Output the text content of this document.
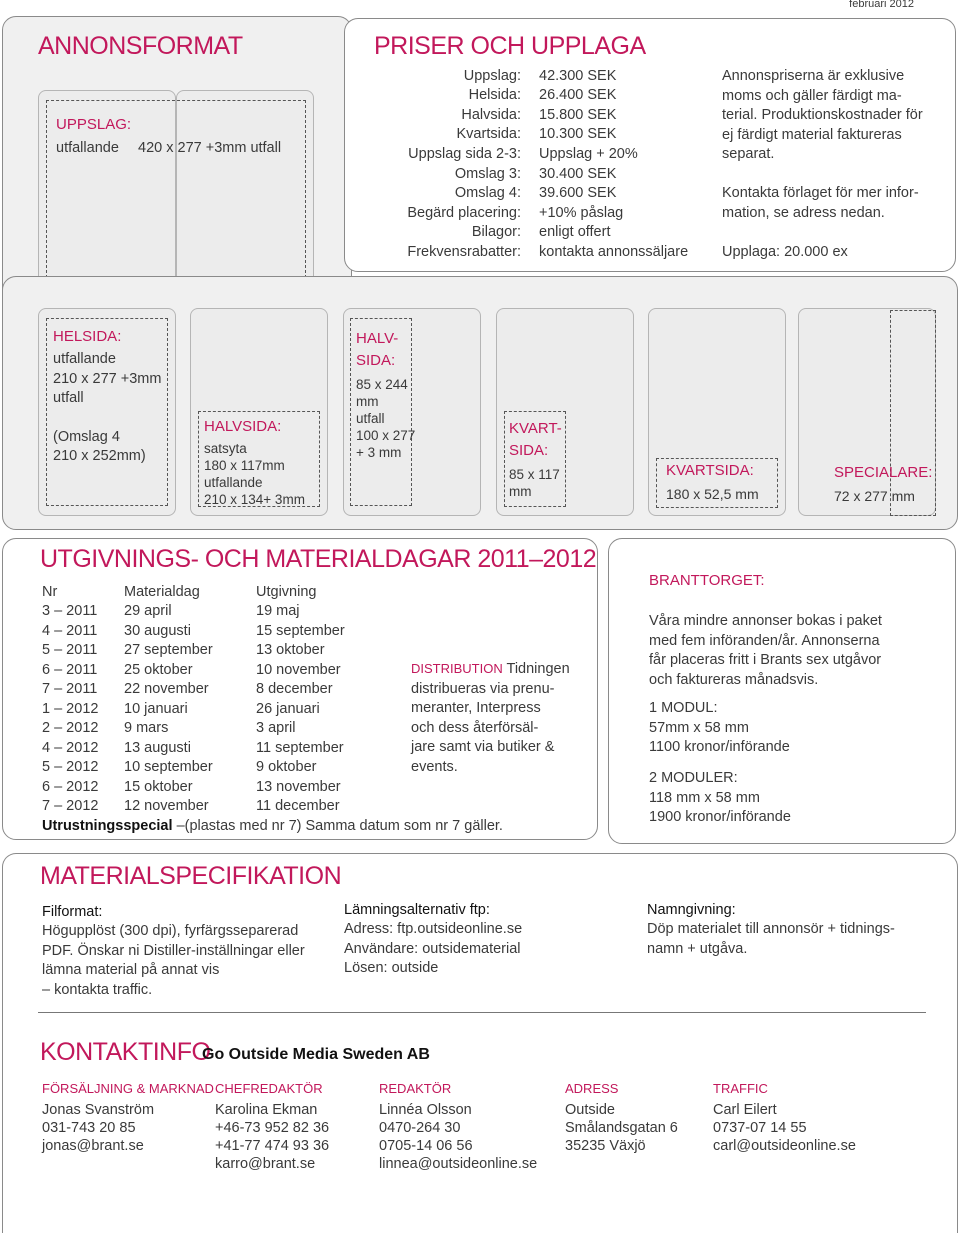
februari 2012
ANNONSFORMAT
UPPSLAG:
utfallande 420 x 277 +3mm utfall
PRISER OCH UPPLAGA
Uppslag: 42.300 SEK
Helsida: 26.400 SEK
Halvsida: 15.800 SEK
Kvartsida: 10.300 SEK
Uppslag sida 2-3: Uppslag + 20%
Omslag 3: 30.400 SEK
Omslag 4: 39.600 SEK
Begärd placering: +10% påslag
Bilagor: enligt offert
Frekvensrabatter: kontakta annonssäljare
Annonspriserna är exklusive
moms och gäller färdigt ma-
terial. Produktionskostnader för
ej färdigt material faktureras
separat.
Kontakta förlaget för mer infor-
mation, se adress nedan.
Upplaga: 20.000 ex
HELSIDA:
utfallande
210 x 277 +3mm
utfall
(Omslag 4
210 x 252mm)
HALVSIDA:
satsyta
180 x 117mm
utfallande
210 x 134+ 3mm
HALV-
SIDA:
85 x 244
mm
utfall
100 x 277
+ 3 mm
KVART-
SIDA:
85 x 117
mm
KVARTSIDA:
180 x 52,5 mm
SPECIALARE:
72 x 277 mm
UTGIVNINGS- OCH MATERIALDAGAR 2011–2012
Nr	Materialdag	Utgivning
3 – 2011 29 april	19 maj
4 – 2011 30 augusti	15 september
5 – 2011 27 september	13 oktober
6 – 2011 25 oktober	10 november
7 – 2011 22 november	8 december
1 – 2012 10 januari	26 januari
2 – 2012 9 mars	3 april
4 – 2012 13 augusti	11 september
5 – 2012 10 september	9 oktober
6 – 2012 15 oktober	13 november
7 – 2012 12 november	11 december
DISTRIBUTION Tidningen
distribueras via prenu-
meranter, Interpress
och dess återförsäl-
jare samt via butiker &
events.
Utrustningsspecial –(plastas med nr 7) Samma datum som nr 7 gäller.
BRANTTORGET:
Våra mindre annonser bokas i paket
med fem införanden/år. Annonserna
får placeras fritt i Brants sex utgåvor
och faktureras månadsvis.
1 MODUL:
57mm x 58 mm
1100 kronor/införande
2 MODULER:
118 mm x 58 mm
1900 kronor/införande
MATERIALSPECIFIKATION
Filformat:
Högupplöst (300 dpi), fyrfärgsseparerad
PDF. Önskar ni Distiller-inställningar eller
lämna material på annat vis
– kontakta traffic.
Lämningsalternativ ftp:
Adress: ftp.outsideonline.se
Användare: outsidematerial
Lösen: outside
Namngivning:
Döp materialet till annonsör + tidnings-
namn + utgåva.
KONTAKTINFO
Go Outside Media Sweden AB
FÖRSÄLJNING & MARKNAD
Jonas Svanström
031-743 20 85
jonas@brant.se
CHEFREDAKTÖR
Karolina Ekman
+46-73 952 82 36
+41-77 474 93 36
karro@brant.se
REDAKTÖR
Linnéa Olsson
0470-264 30
0705-14 06 56
linnea@outsideonline.se
ADRESS
Outside
Smålandsgatan 6
35235 Växjö
TRAFFIC
Carl Eilert
0737-07 14 55
carl@outsideonline.se
